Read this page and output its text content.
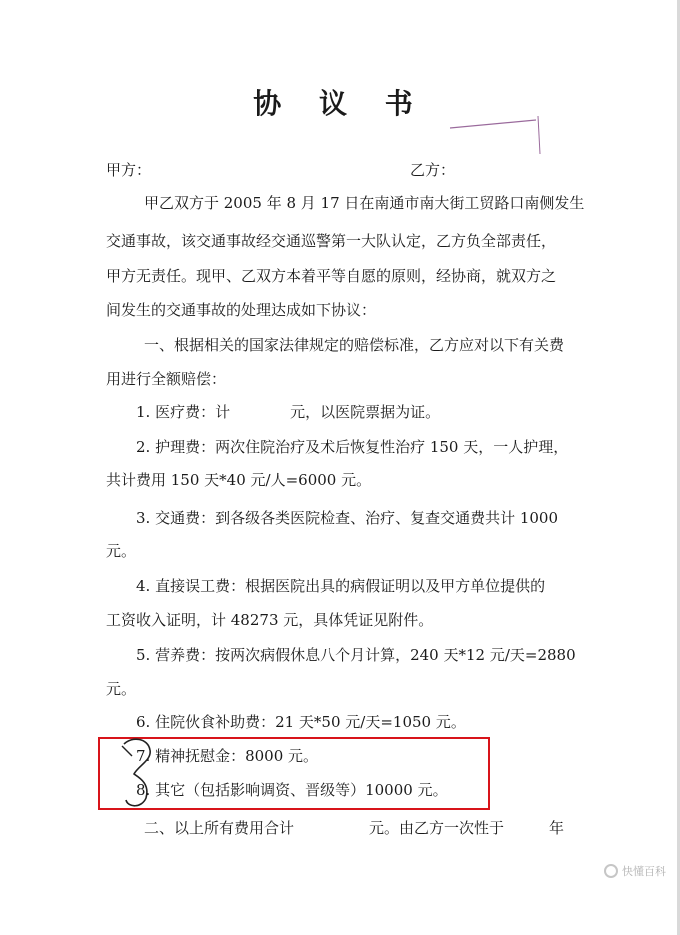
协 议 书
甲方：	乙方：
甲乙双方于 2005 年 8 月 17 日在南通市南大街工贸路口南侧发生
交通事故，该交通事故经交通巡警第一大队认定，乙方负全部责任，
甲方无责任。现甲、乙双方本着平等自愿的原则，经协商，就双方之
间发生的交通事故的处理达成如下协议：
一、根据相关的国家法律规定的赔偿标准，乙方应对以下有关费
用进行全额赔偿：
1. 医疗费：计　　　　元，以医院票据为证。
2. 护理费：两次住院治疗及术后恢复性治疗 150 天，一人护理，
共计费用 150 天*40 元/人=6000 元。
3. 交通费：到各级各类医院检查、治疗、复查交通费共计 1000
元。
4. 直接误工费：根据医院出具的病假证明以及甲方单位提供的
工资收入证明，计 48273 元，具体凭证见附件。
5. 营养费：按两次病假休息八个月计算，240 天*12 元/天=2880
元。
6. 住院伙食补助费：21 天*50 元/天=1050 元。
7. 精神抚慰金：8000 元。
8. 其它（包括影响调资、晋级等）10000 元。
二、以上所有费用合计　　　　　元。由乙方一次性于　　　年
快懂百科
